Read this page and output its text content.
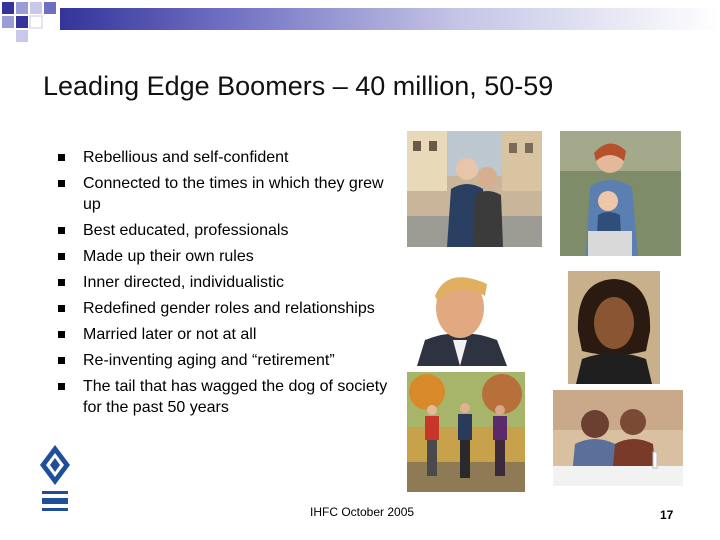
Leading Edge Boomers – 40 million, 50-59
Rebellious and self-confident
Connected to the times in which they grew up
Best educated, professionals
Made up their own rules
Inner directed, individualistic
Redefined gender roles and relationships
Married later or not at all
Re-inventing aging and “retirement”
The tail that has wagged the dog of society for the past 50 years
IHFC October 2005	17
